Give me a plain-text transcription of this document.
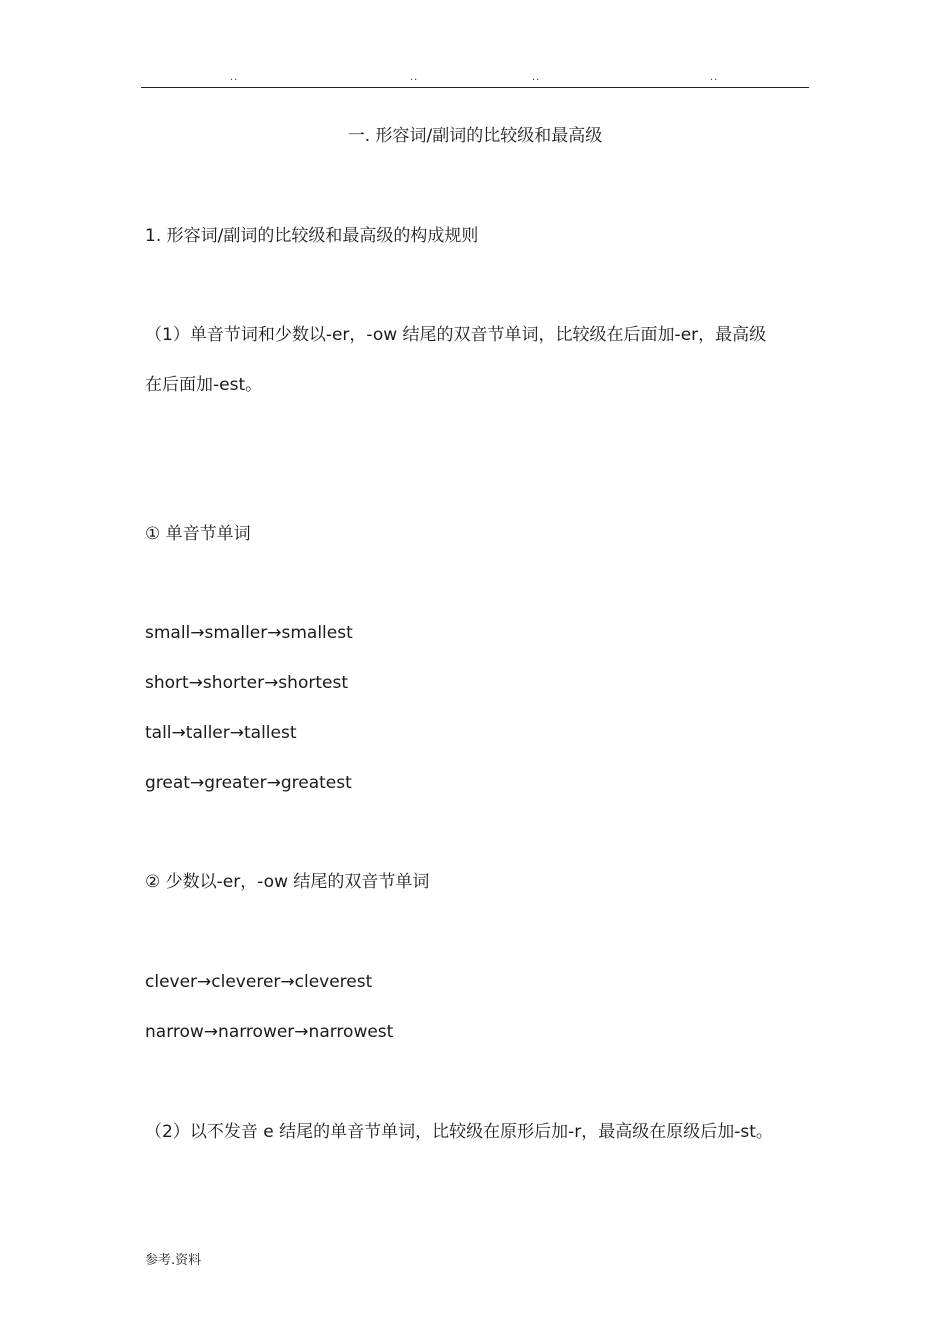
..	..	..	..
一. 形容词/副词的比较级和最高级
1. 形容词/副词的比较级和最高级的构成规则
（1）单音节词和少数以-er，-ow 结尾的双音节单词，比较级在后面加-er，最高级
在后面加-est。
① 单音节单词
small→smaller→smallest
short→shorter→shortest
tall→taller→tallest
great→greater→greatest
② 少数以-er，-ow 结尾的双音节单词
clever→cleverer→cleverest
narrow→narrower→narrowest
（2）以不发音 e 结尾的单音节单词，比较级在原形后加-r，最高级在原级后加-st。
参考.资料
